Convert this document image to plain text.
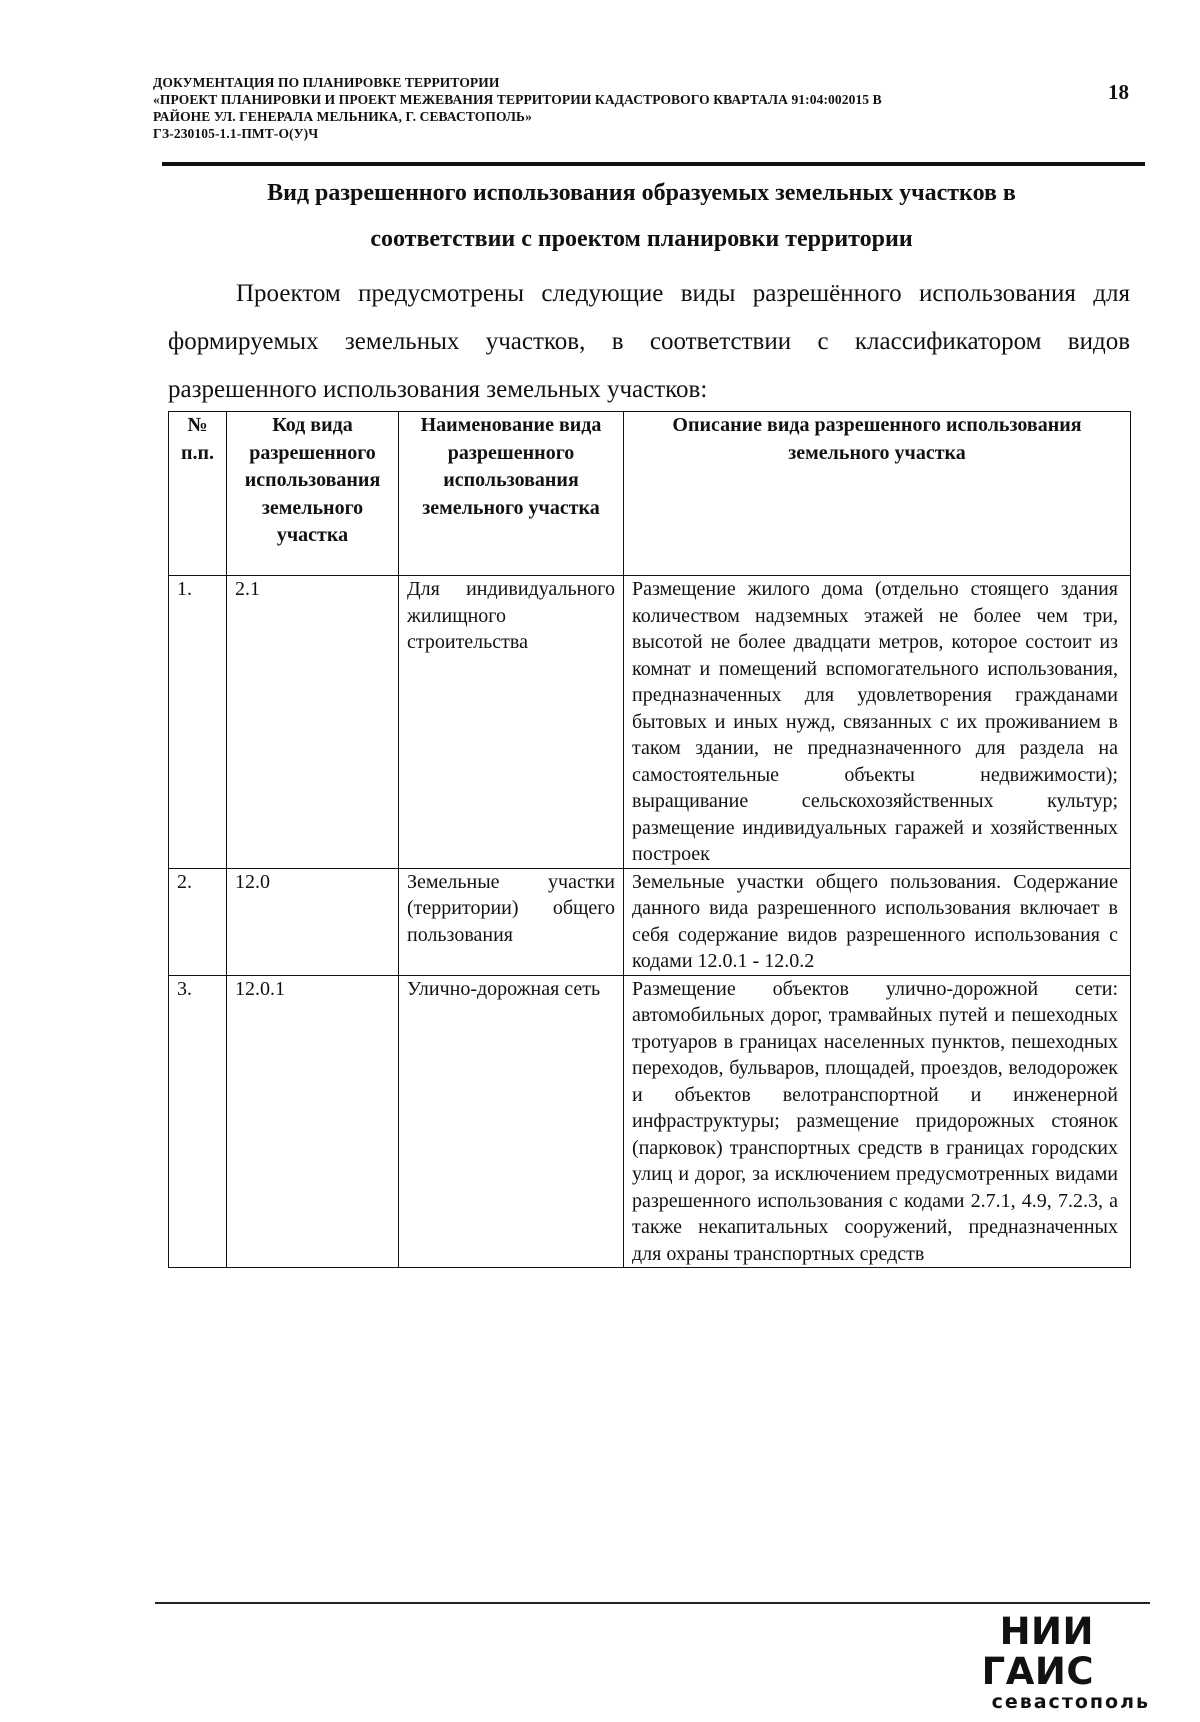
ДОКУМЕНТАЦИЯ ПО ПЛАНИРОВКЕ ТЕРРИТОРИИ
«ПРОЕКТ ПЛАНИРОВКИ И ПРОЕКТ МЕЖЕВАНИЯ ТЕРРИТОРИИ КАДАСТРОВОГО КВАРТАЛА 91:04:002015 В
РАЙОНЕ УЛ. ГЕНЕРАЛА МЕЛЬНИКА, Г. СЕВАСТОПОЛЬ»
ГЗ-230105-1.1-ПМТ-О(У)Ч
18
Вид разрешенного использования образуемых земельных участков в
соответствии с проектом планировки территории
Проектом предусмотрены следующие виды разрешённого использования для формируемых земельных участков, в соответствии с классификатором видов разрешенного использования земельных участков:
№ п.п.	Код вида разрешенного использования земельного участка	Наименование вида разрешенного использования земельного участка	Описание вида разрешенного использования земельного участка
1.	2.1	Для индивидуального жилищного строительства	Размещение жилого дома (отдельно стоящего здания количеством надземных этажей не более чем три, высотой не более двадцати метров, которое состоит из комнат и помещений вспомогательного использования, предназначенных для удовлетворения гражданами бытовых и иных нужд, связанных с их проживанием в таком здании, не предназначенного для раздела на самостоятельные объекты недвижимости); выращивание сельскохозяйственных культур; размещение индивидуальных гаражей и хозяйственных построек
2.	12.0	Земельные участки (территории) общего пользования	Земельные участки общего пользования. Содержание данного вида разрешенного использования включает в себя содержание видов разрешенного использования с кодами 12.0.1 - 12.0.2
3.	12.0.1	Улично-дорожная сеть	Размещение объектов улично-дорожной сети: автомобильных дорог, трамвайных путей и пешеходных тротуаров в границах населенных пунктов, пешеходных переходов, бульваров, площадей, проездов, велодорожек и объектов велотранспортной и инженерной инфраструктуры; размещение придорожных стоянок (парковок) транспортных средств в границах городских улиц и дорог, за исключением предусмотренных видами разрешенного использования с кодами 2.7.1, 4.9, 7.2.3, а также некапитальных сооружений, предназначенных для охраны транспортных средств
НИИ ГАИС
севастополь
